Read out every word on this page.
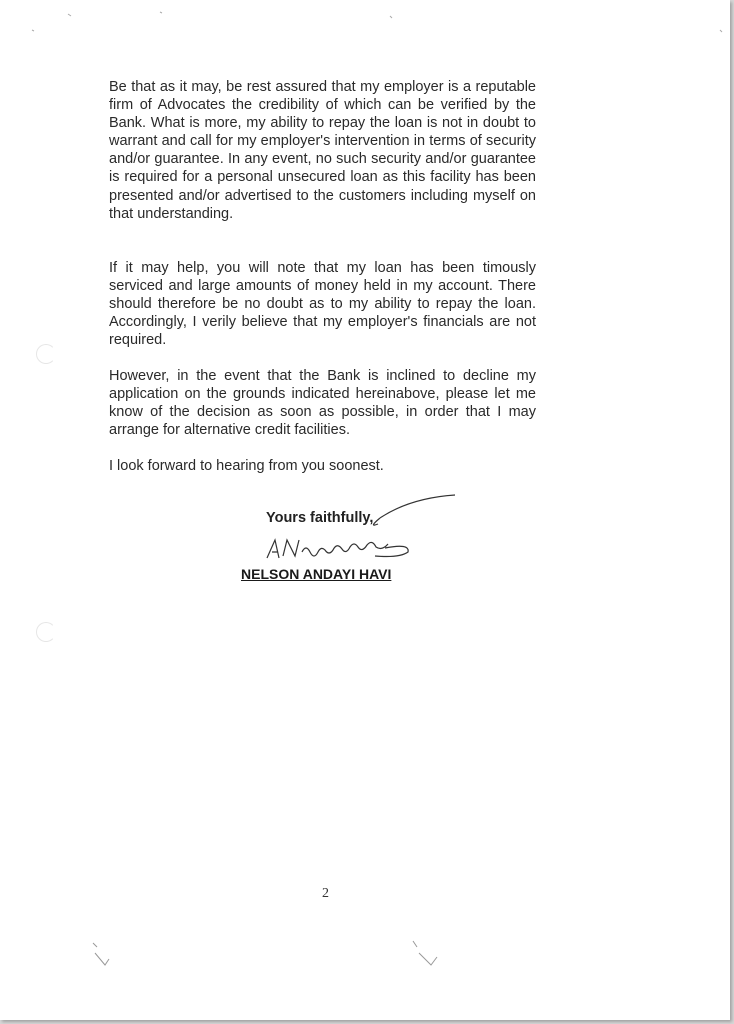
Be that as it may, be rest assured that my employer is a reputable firm of Advocates the credibility of which can be verified by the Bank. What is more, my ability to repay the loan is not in doubt to warrant and call for my employer's intervention in terms of security and/or guarantee. In any event, no such security and/or guarantee is required for a personal unsecured loan as this facility has been presented and/or advertised to the customers including myself on that understanding.

If it may help, you will note that my loan has been timously serviced and large amounts of money held in my account. There should therefore be no doubt as to my ability to repay the loan. Accordingly, I verily believe that my employer's financials are not required.

However, in the event that the Bank is inclined to decline my application on the grounds indicated hereinabove, please let me know of the decision as soon as possible, in order that I may arrange for alternative credit facilities.

I look forward to hearing from you soonest.

Yours faithfully,
NELSON ANDAYI HAVI
2
